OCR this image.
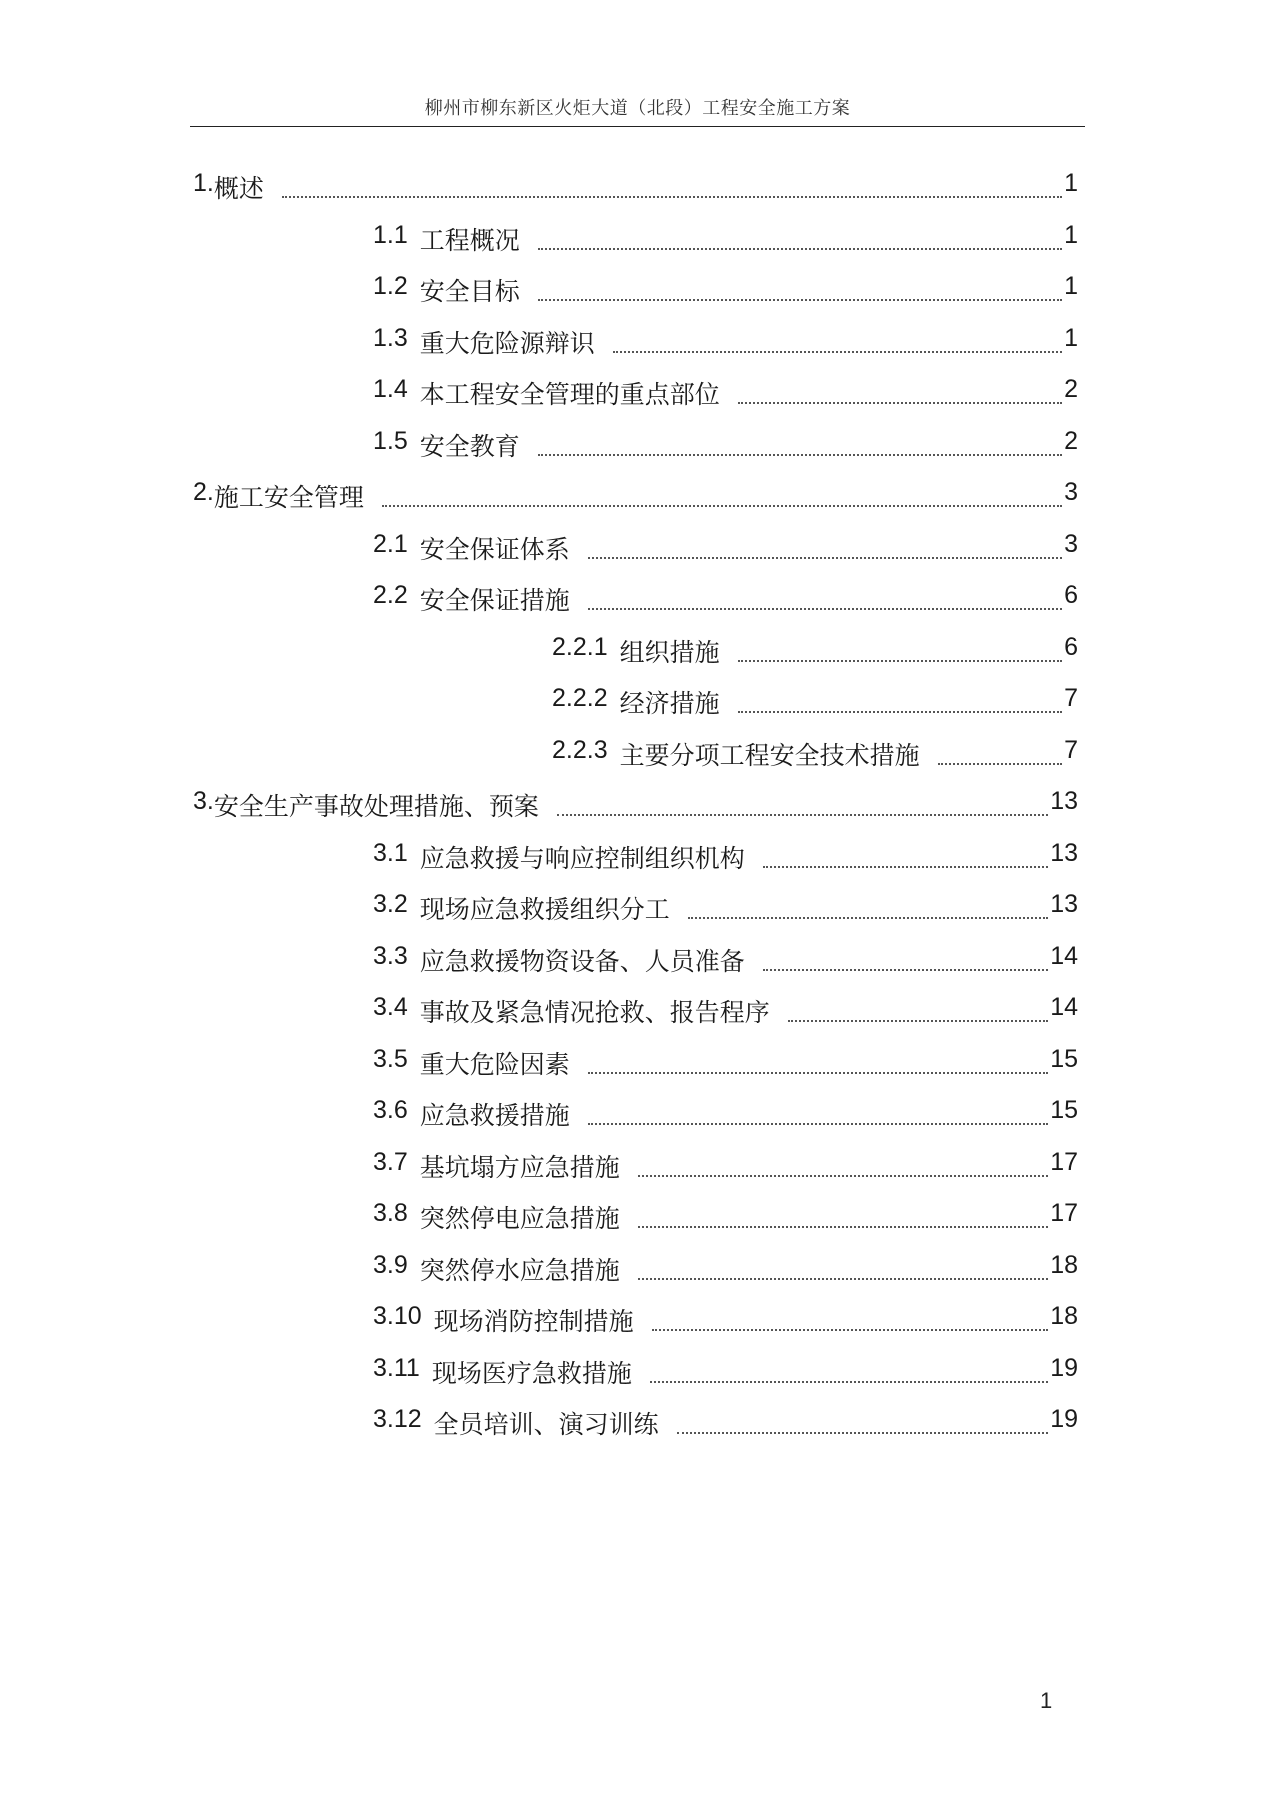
柳州市柳东新区火炬大道（北段）工程安全施工方案
1. 概述	1
1.1 工程概况	1
1.2 安全目标	1
1.3 重大危险源辩识	1
1.4 本工程安全管理的重点部位	2
1.5 安全教育	2
2. 施工安全管理	3
2.1 安全保证体系	3
2.2 安全保证措施	6
2.2.1 组织措施	6
2.2.2 经济措施	7
2.2.3 主要分项工程安全技术措施	7
3. 安全生产事故处理措施、预案	13
3.1 应急救援与响应控制组织机构	13
3.2 现场应急救援组织分工	13
3.3 应急救援物资设备、人员准备	14
3.4 事故及紧急情况抢救、报告程序	14
3.5 重大危险因素	15
3.6 应急救援措施	15
3.7 基坑塌方应急措施	17
3.8 突然停电应急措施	17
3.9 突然停水应急措施	18
3.10 现场消防控制措施	18
3.11 现场医疗急救措施	19
3.12 全员培训、演习训练	19
1
